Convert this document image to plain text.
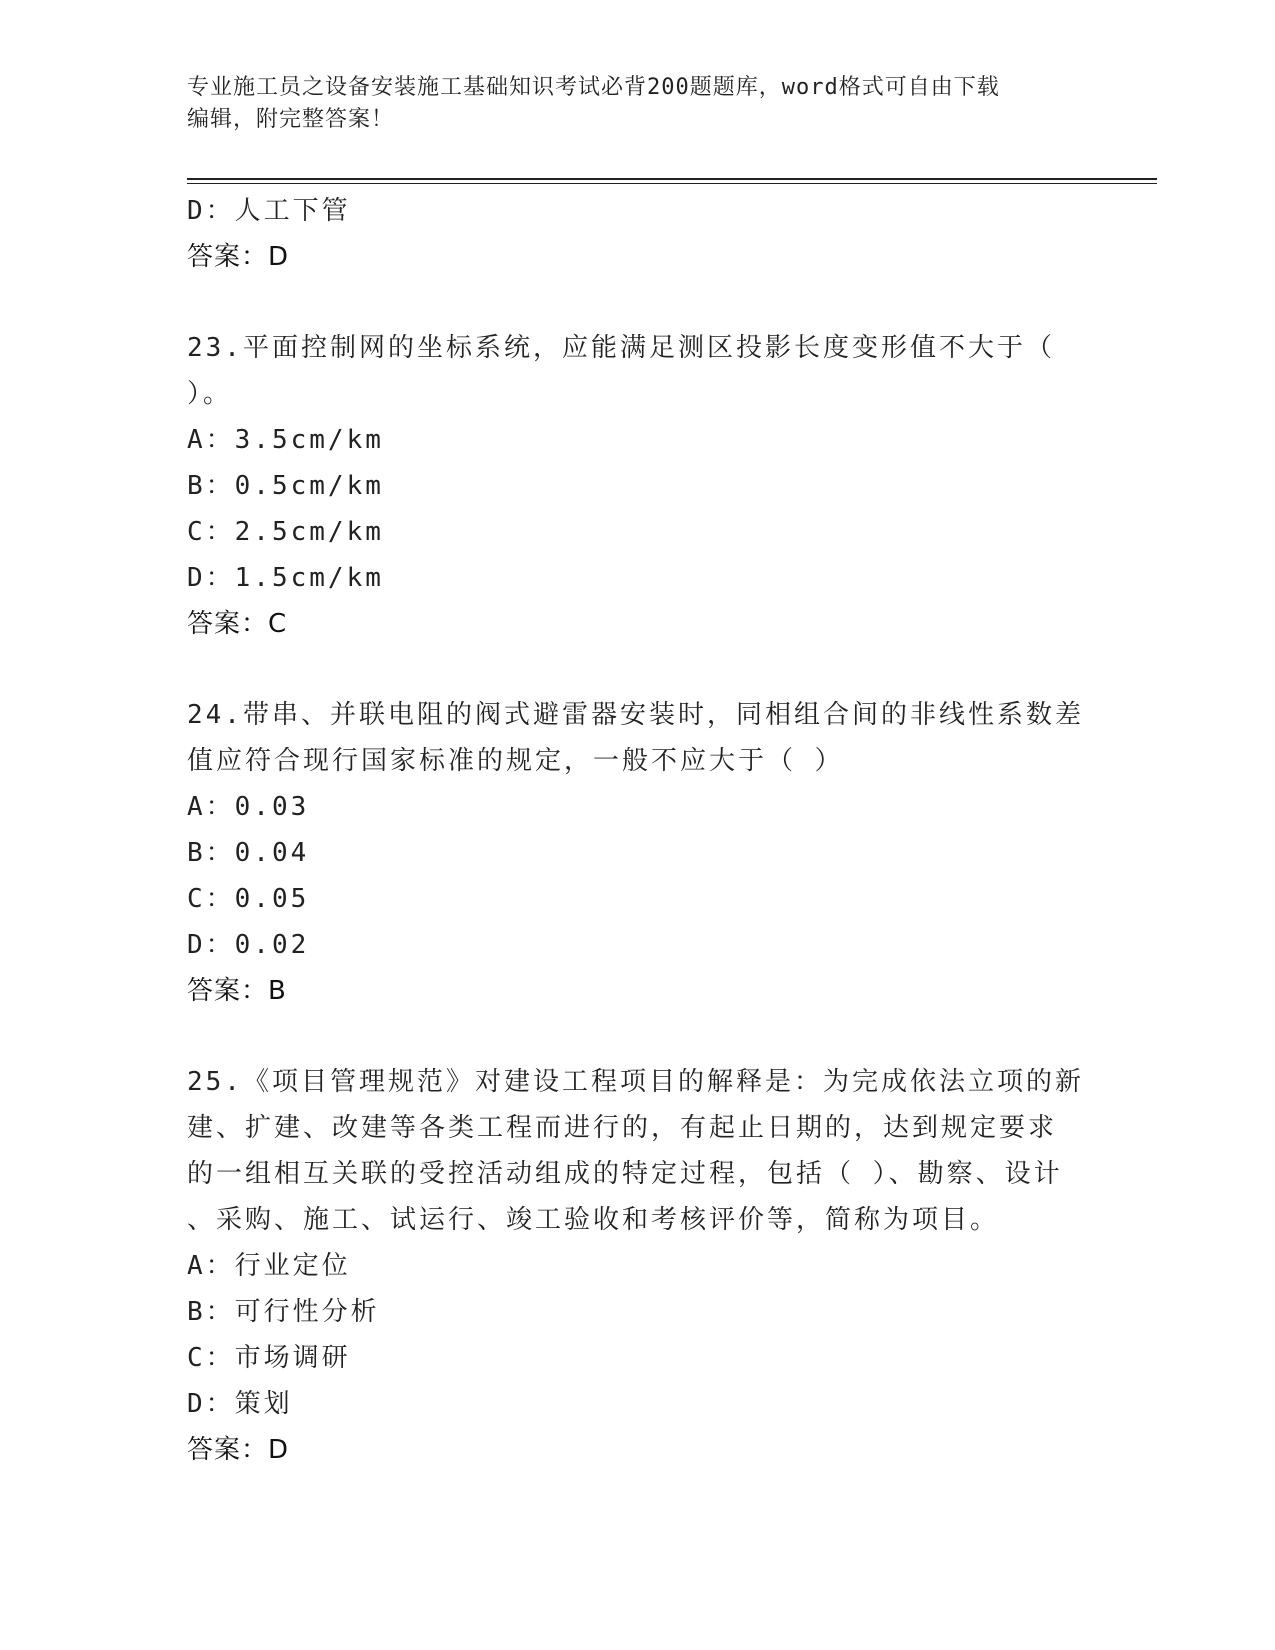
专业施工员之设备安装施工基础知识考试必背200题题库，word格式可自由下载
编辑，附完整答案！
D：人工下管
答案：D
23.平面控制网的坐标系统，应能满足测区投影长度变形值不大于（
）。
A：3.5cm/km
B：0.5cm/km
C：2.5cm/km
D：1.5cm/km
答案：C
24.带串、并联电阻的阀式避雷器安装时，同相组合间的非线性系数差
值应符合现行国家标准的规定，一般不应大于（ ）
A：0.03
B：0.04
C：0.05
D：0.02
答案：B
25.《项目管理规范》对建设工程项目的解释是：为完成依法立项的新
建、扩建、改建等各类工程而进行的，有起止日期的，达到规定要求
的一组相互关联的受控活动组成的特定过程，包括（ ）、勘察、设计
、采购、施工、试运行、竣工验收和考核评价等，简称为项目。
A：行业定位
B：可行性分析
C：市场调研
D：策划
答案：D
